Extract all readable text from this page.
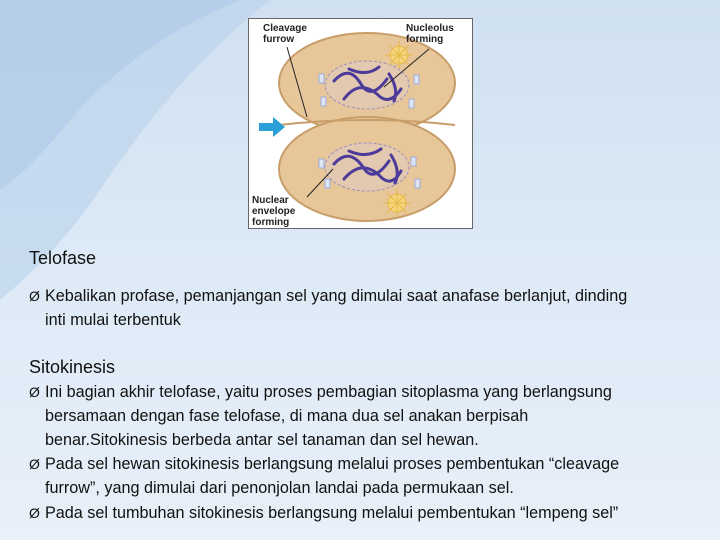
Cleavage
furrow
Nucleolus
forming
Nuclear
envelope
forming
Telofase
Ø Kebalikan profase, pemanjangan sel yang dimulai saat anafase berlanjut, dinding
inti mulai terbentuk
Sitokinesis
Ø Ini bagian akhir telofase, yaitu proses pembagian sitoplasma yang berlangsung
bersamaan dengan fase telofase, di mana dua sel anakan berpisah
benar.Sitokinesis berbeda antar sel tanaman dan sel hewan.
Ø Pada sel hewan sitokinesis berlangsung melalui proses pembentukan “cleavage
furrow”, yang dimulai dari penonjolan landai pada permukaan sel.
Ø Pada sel tumbuhan sitokinesis berlangsung melalui pembentukan “lempeng sel”
